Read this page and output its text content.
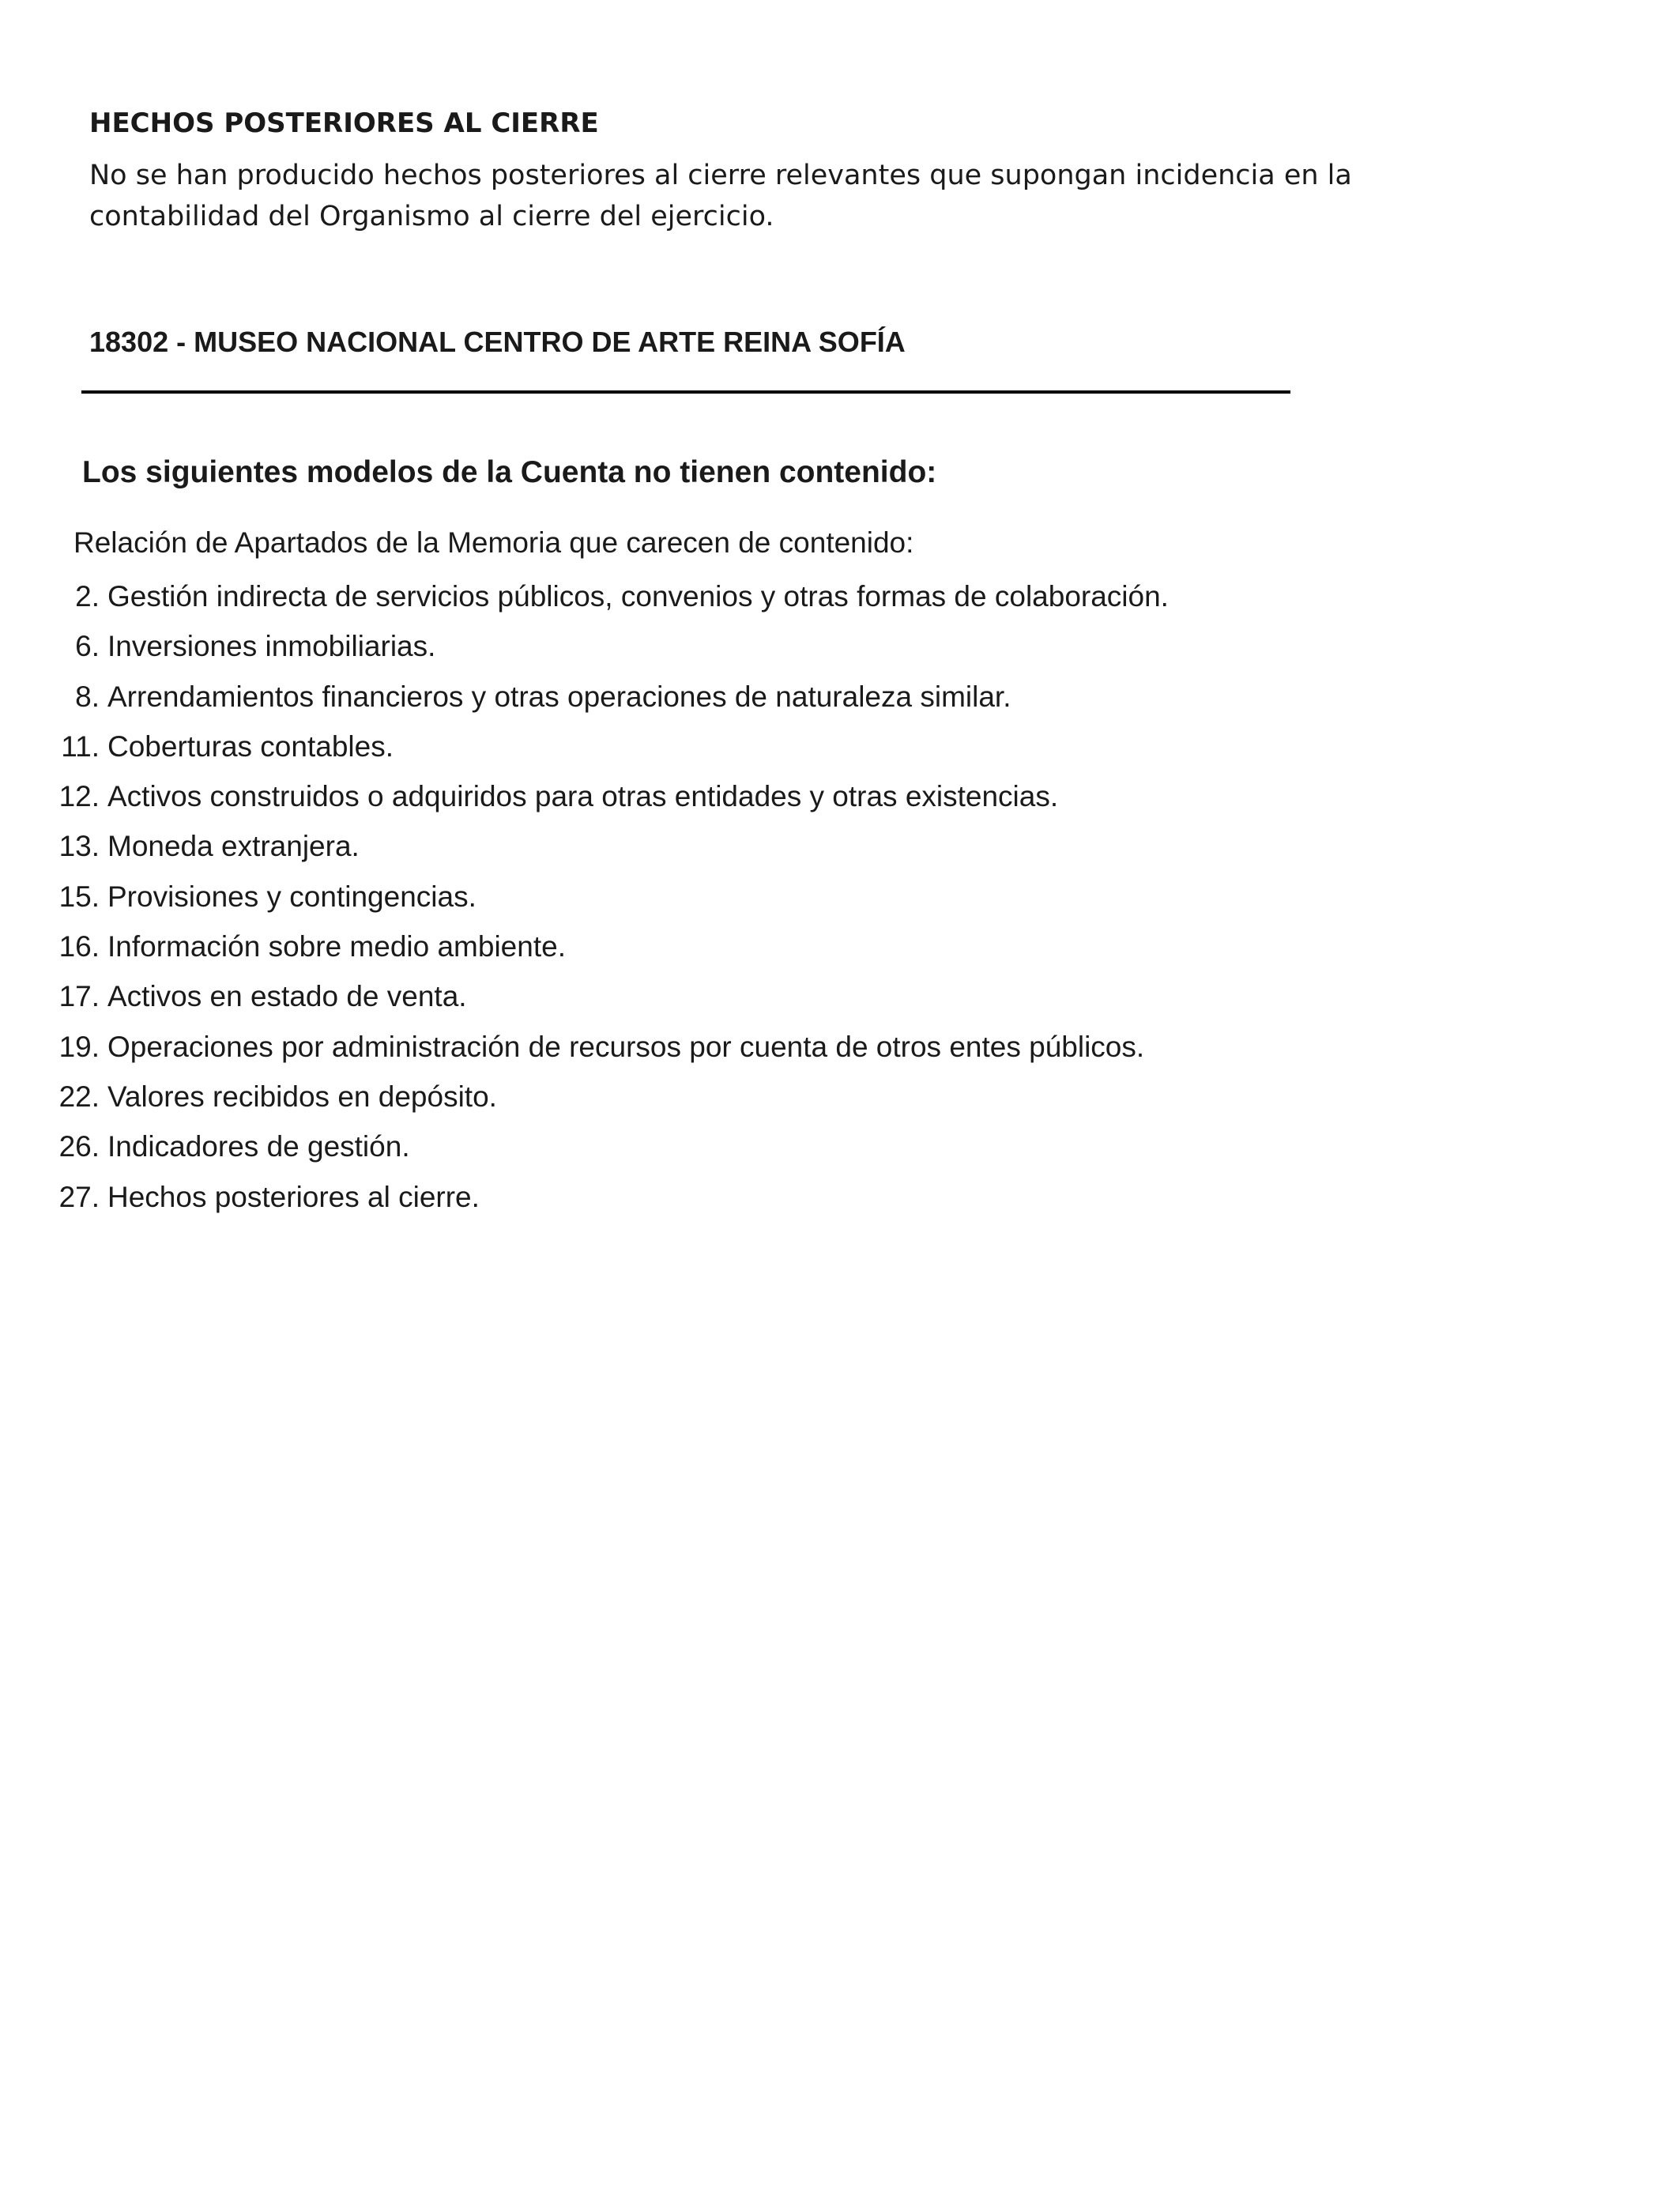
HECHOS POSTERIORES AL CIERRE
No se han producido hechos posteriores al cierre relevantes que supongan incidencia en la
contabilidad del Organismo al cierre del ejercicio.
18302 - MUSEO NACIONAL CENTRO DE ARTE REINA SOFÍA
Los siguientes modelos de la Cuenta no tienen contenido:

Relación de Apartados de la Memoria que carecen de contenido:

2. Gestión indirecta de servicios públicos, convenios y otras formas de colaboración.
6. Inversiones inmobiliarias.
8. Arrendamientos financieros y otras operaciones de naturaleza similar.
11. Coberturas contables.
12. Activos construidos o adquiridos para otras entidades y otras existencias.
13. Moneda extranjera.
15. Provisiones y contingencias.
16. Información sobre medio ambiente.
17. Activos en estado de venta.
19. Operaciones por administración de recursos por cuenta de otros entes públicos.
22. Valores recibidos en depósito.
26. Indicadores de gestión.
27. Hechos posteriores al cierre.
